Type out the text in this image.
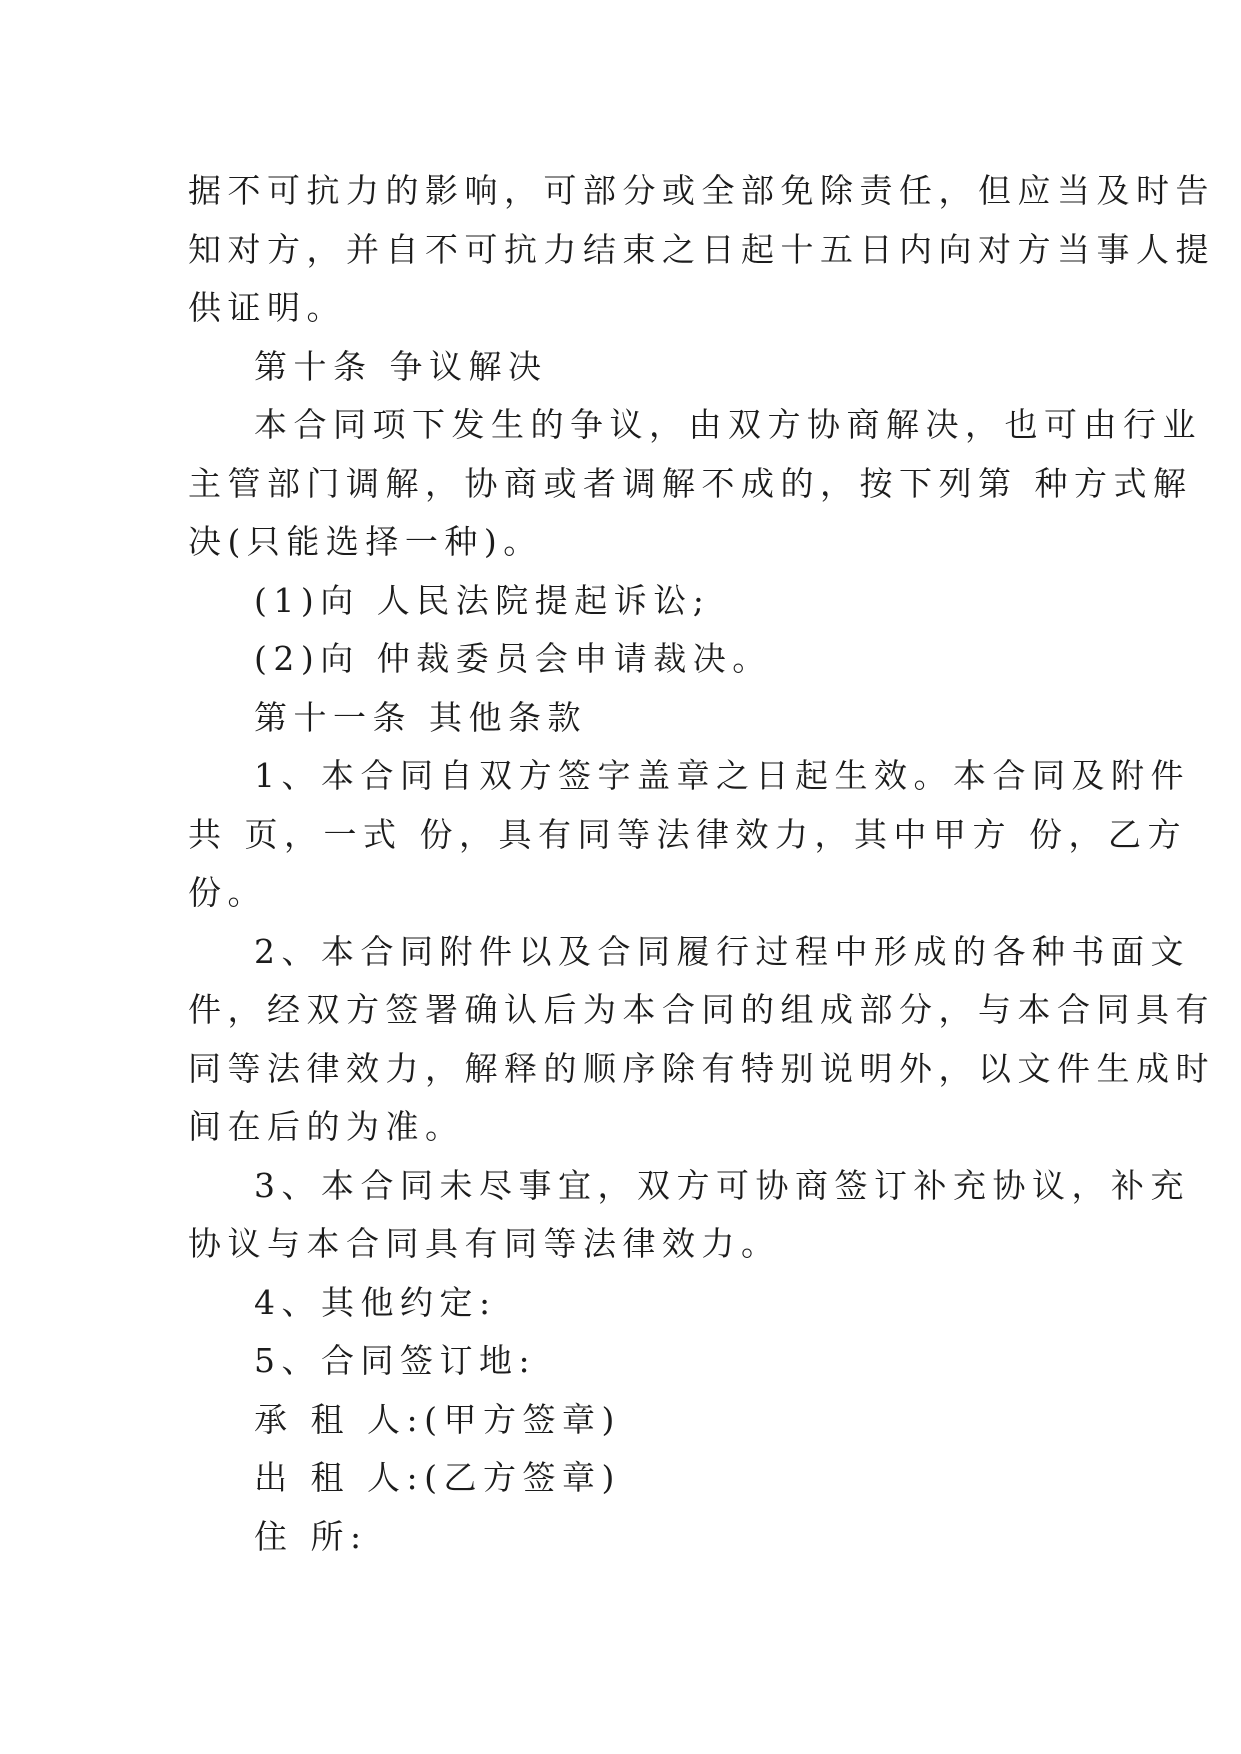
据不可抗力的影响，可部分或全部免除责任，但应当及时告
知对方，并自不可抗力结束之日起十五日内向对方当事人提
供证明。
第十条 争议解决
本合同项下发生的争议，由双方协商解决，也可由行业
主管部门调解，协商或者调解不成的，按下列第 种方式解
决(只能选择一种)。
(1)向 人民法院提起诉讼;
(2)向 仲裁委员会申请裁决。
第十一条 其他条款
1、本合同自双方签字盖章之日起生效。本合同及附件
共 页，一式 份，具有同等法律效力，其中甲方 份，乙方
份。
2、本合同附件以及合同履行过程中形成的各种书面文
件，经双方签署确认后为本合同的组成部分，与本合同具有
同等法律效力，解释的顺序除有特别说明外，以文件生成时
间在后的为准。
3、本合同未尽事宜，双方可协商签订补充协议，补充
协议与本合同具有同等法律效力。
4、其他约定:
5、合同签订地:
承 租 人:(甲方签章)
出 租 人:(乙方签章)
住 所:
